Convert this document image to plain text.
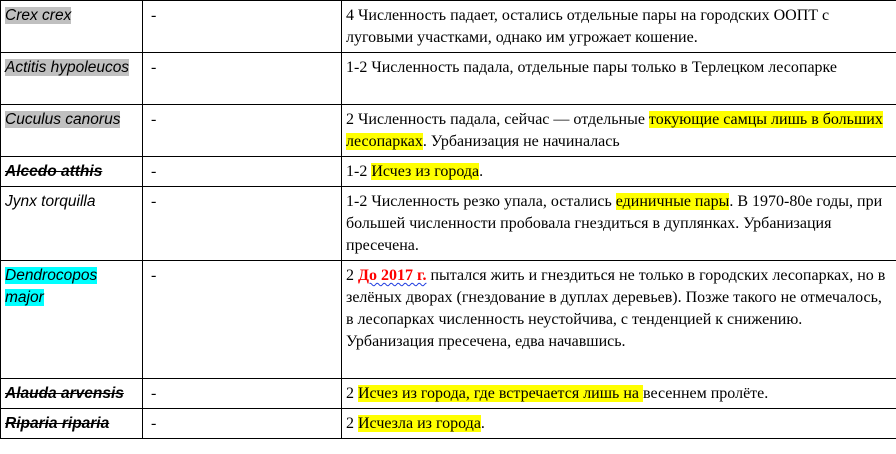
Crex crex	-	4 Численность падает, остались отдельные пары на городских ООПТ с луговыми участками, однако им угрожает кошение.
Actitis hypoleucos	-	1-2 Численность падала, отдельные пары только в Терлецком лесопарке
Cuculus canorus	-	2 Численность падала, сейчас — отдельные токующие самцы лишь в больших лесопарках. Урбанизация не начиналась
Alcedo atthis	-	1-2 Исчез из города.
Jynx torquilla	-	1-2 Численность резко упала, остались единичные пары. В 1970-80е годы, при большей численности пробовала гнездиться в дуплянках. Урбанизация пресечена.
Dendrocopos major	-	2 До 2017 г. пытался жить и гнездиться не только в городских лесопарках, но в зелёных дворах (гнездование в дуплах деревьев). Позже такого не отмечалось, в лесопарках численность неустойчива, с тенденцией к снижению. Урбанизация пресечена, едва начавшись.
Alauda arvensis	-	2 Исчез из города, где встречается лишь на весеннем пролёте.
Riparia riparia	-	2 Исчезла из города.
